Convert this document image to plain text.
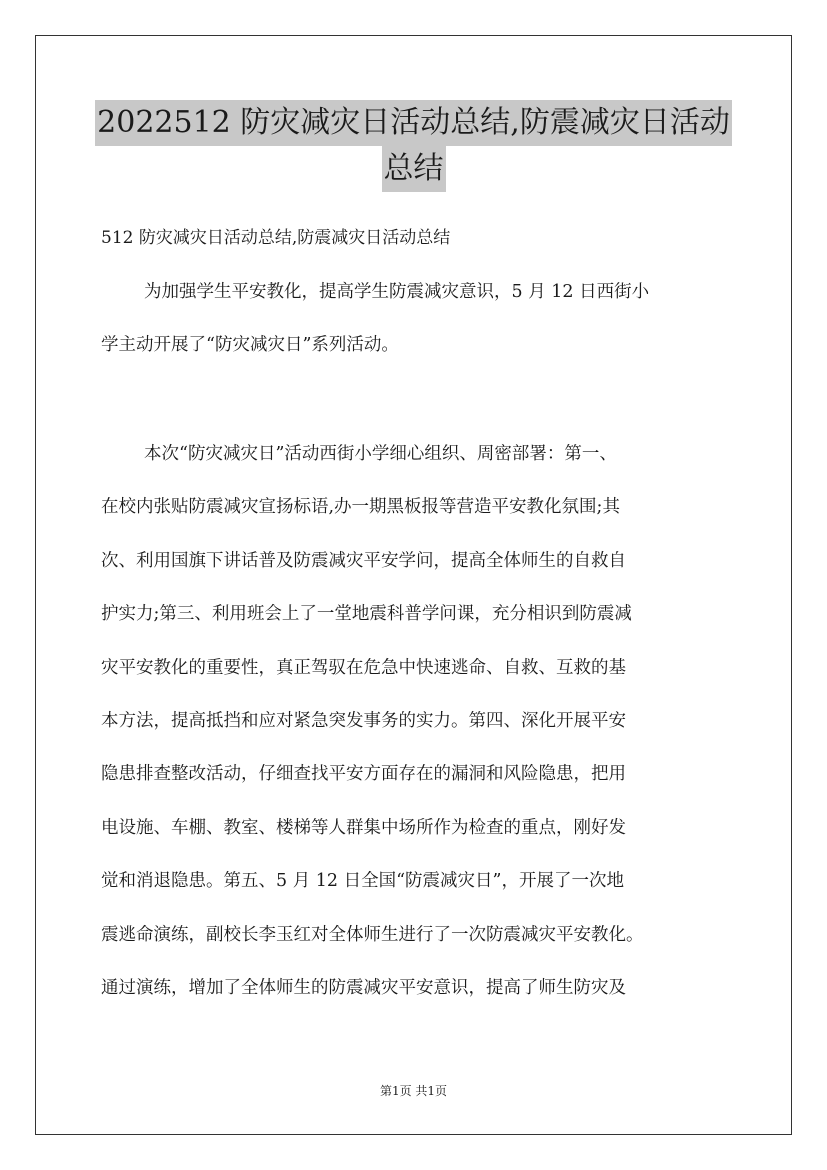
2022512 防灾减灾日活动总结,防震减灾日活动
总结
512 防灾减灾日活动总结,防震减灾日活动总结
为加强学生平安教化，提高学生防震减灾意识，5 月 12 日西街小
学主动开展了“防灾减灾日”系列活动。
本次“防灾减灾日”活动西街小学细心组织、周密部署：第一、
在校内张贴防震减灾宣扬标语,办一期黑板报等营造平安教化氛围;其
次、利用国旗下讲话普及防震减灾平安学问，提高全体师生的自救自
护实力;第三、利用班会上了一堂地震科普学问课，充分相识到防震减
灾平安教化的重要性，真正驾驭在危急中快速逃命、自救、互救的基
本方法，提高抵挡和应对紧急突发事务的实力。第四、深化开展平安
隐患排查整改活动，仔细查找平安方面存在的漏洞和风险隐患，把用
电设施、车棚、教室、楼梯等人群集中场所作为检查的重点，刚好发
觉和消退隐患。第五、5 月 12 日全国“防震减灾日”，开展了一次地
震逃命演练，副校长李玉红对全体师生进行了一次防震减灾平安教化。
通过演练，增加了全体师生的防震减灾平安意识，提高了师生防灾及
第1页 共1页
